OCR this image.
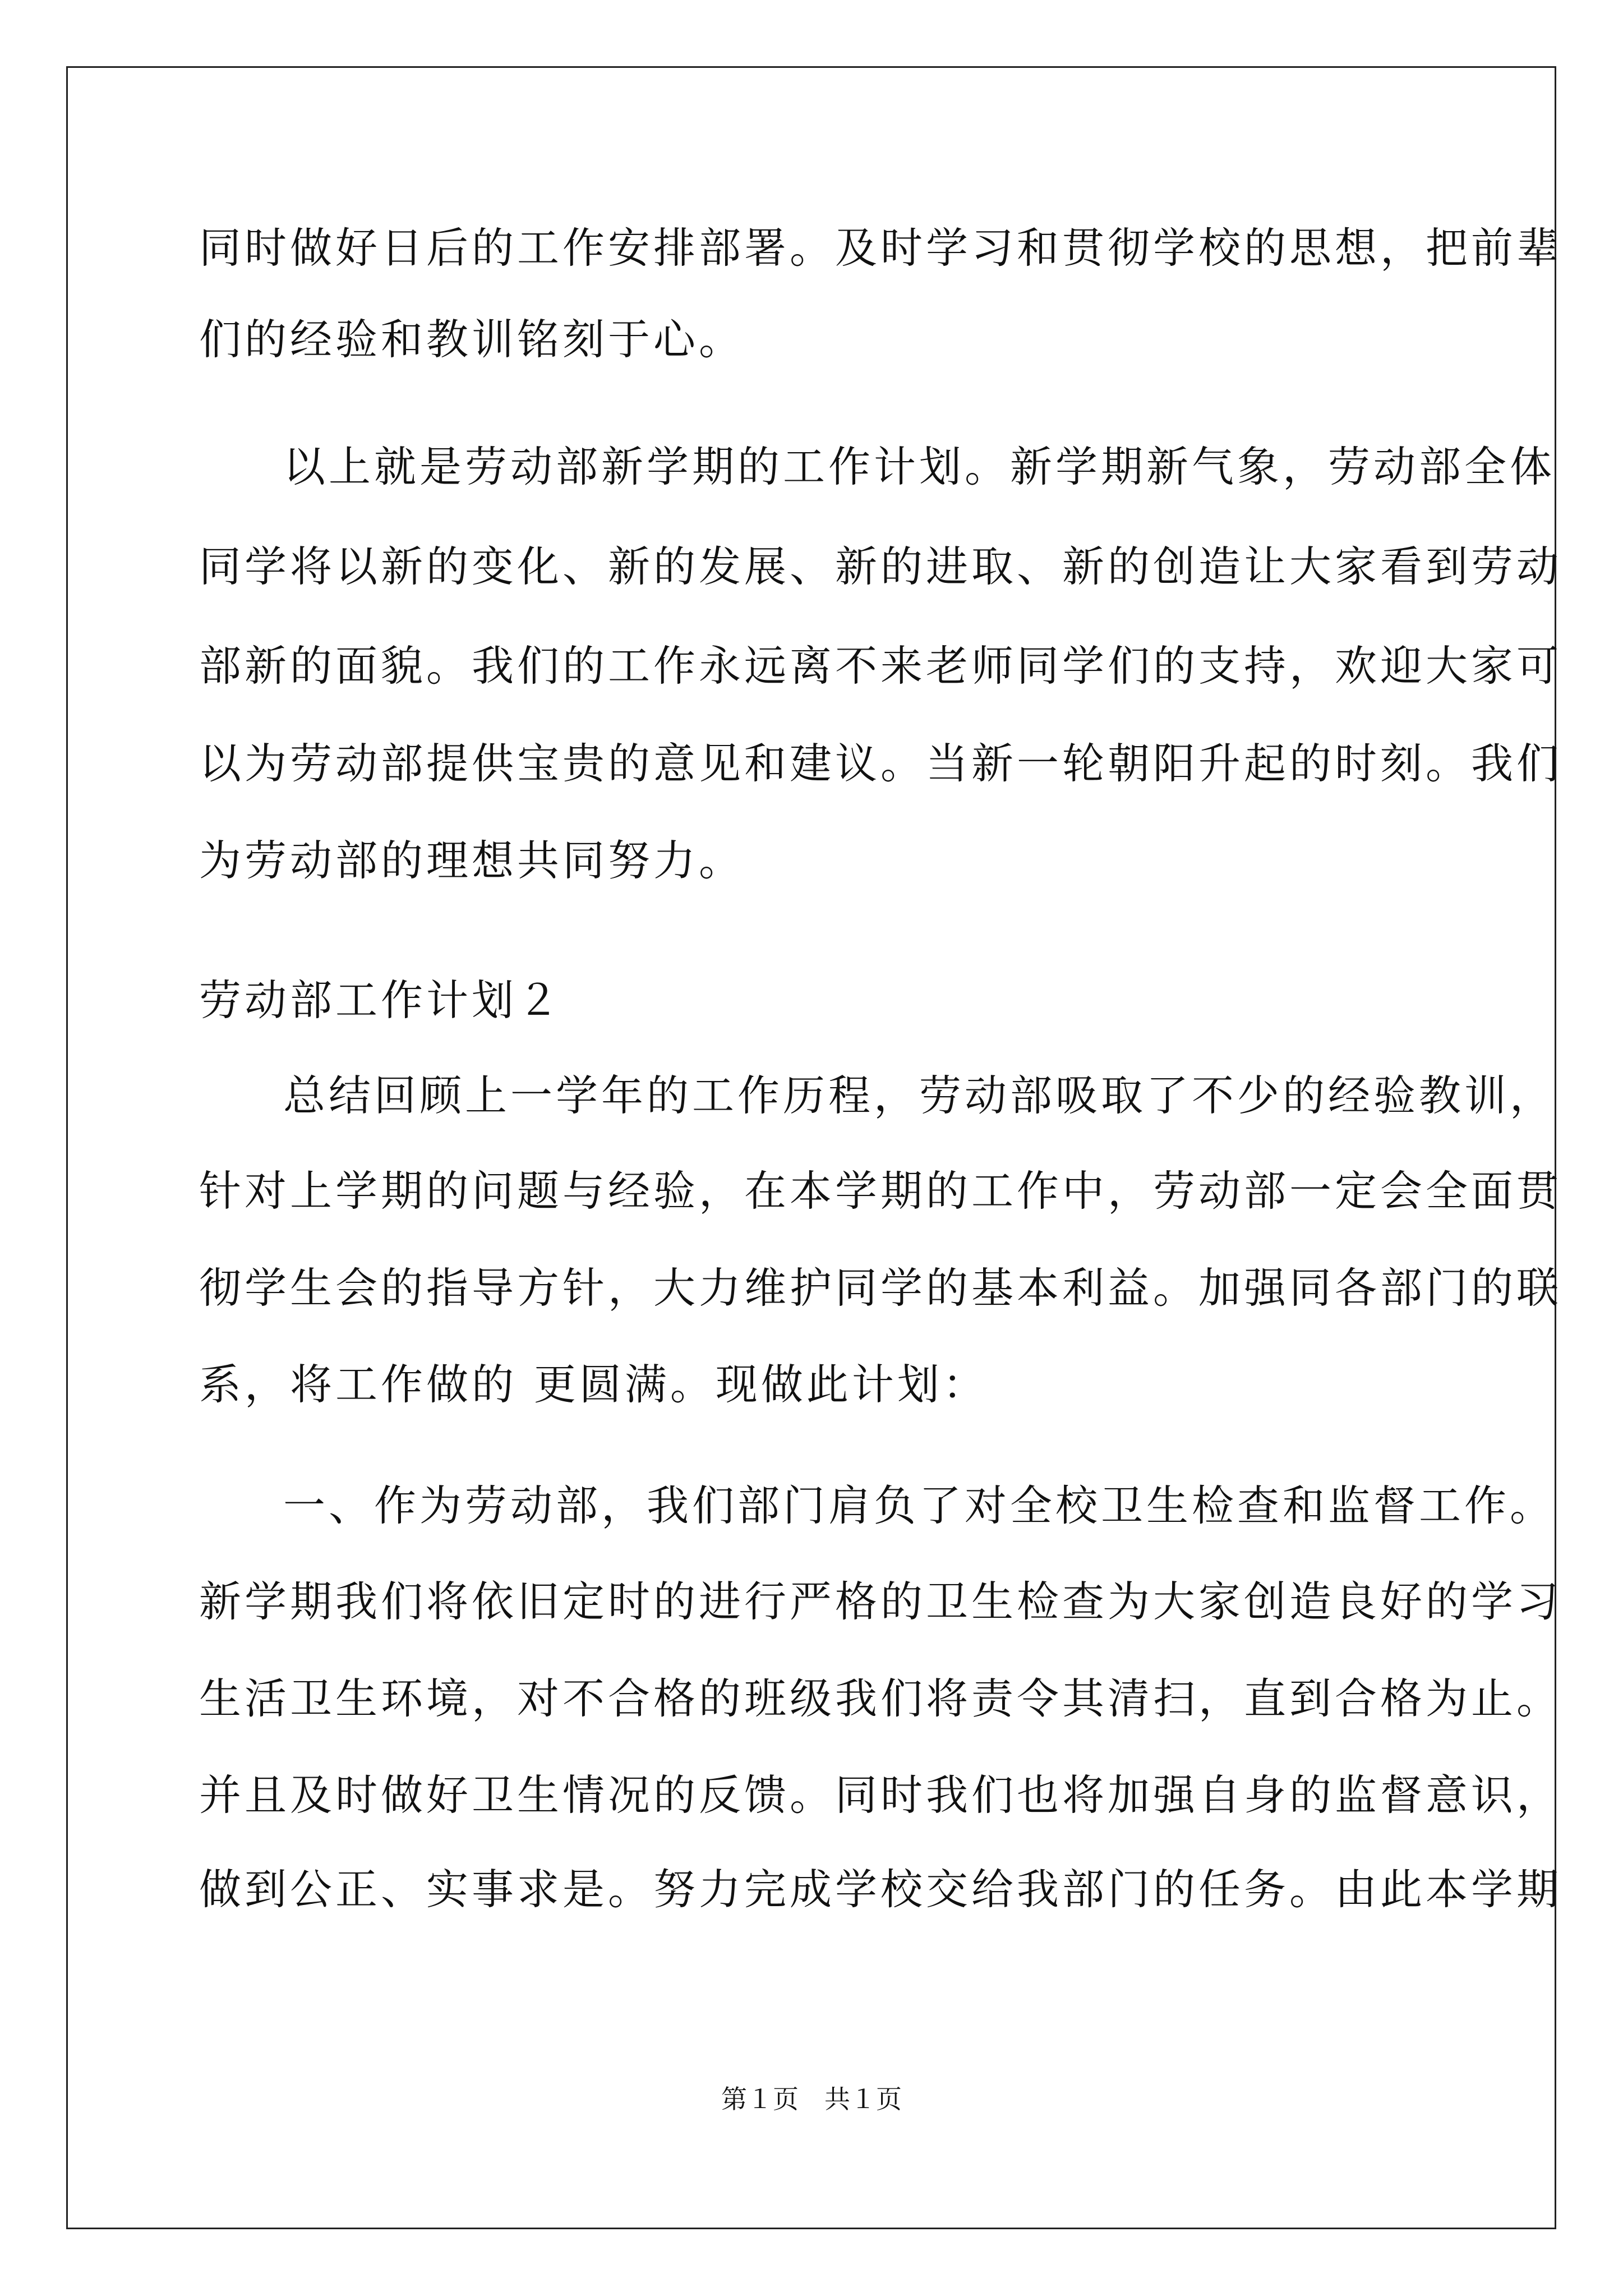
同时做好日后的工作安排部署。及时学习和贯彻学校的思想，把前辈
们的经验和教训铭刻于心。
以上就是劳动部新学期的工作计划。新学期新气象，劳动部全体
同学将以新的变化、新的发展、新的进取、新的创造让大家看到劳动
部新的面貌。我们的工作永远离不来老师同学们的支持，欢迎大家可
以为劳动部提供宝贵的意见和建议。当新一轮朝阳升起的时刻。我们
为劳动部的理想共同努力。
劳动部工作计划２
总结回顾上一学年的工作历程，劳动部吸取了不少的经验教训，
针对上学期的问题与经验，在本学期的工作中，劳动部一定会全面贯
彻学生会的指导方针，大力维护同学的基本利益。加强同各部门的联
系，将工作做的 更圆满。现做此计划：
一、作为劳动部，我们部门肩负了对全校卫生检查和监督工作。
新学期我们将依旧定时的进行严格的卫生检查为大家创造良好的学习
生活卫生环境，对不合格的班级我们将责令其清扫，直到合格为止。
并且及时做好卫生情况的反馈。同时我们也将加强自身的监督意识，
做到公正、实事求是。努力完成学校交给我部门的任务。由此本学期
第１页　共１页
